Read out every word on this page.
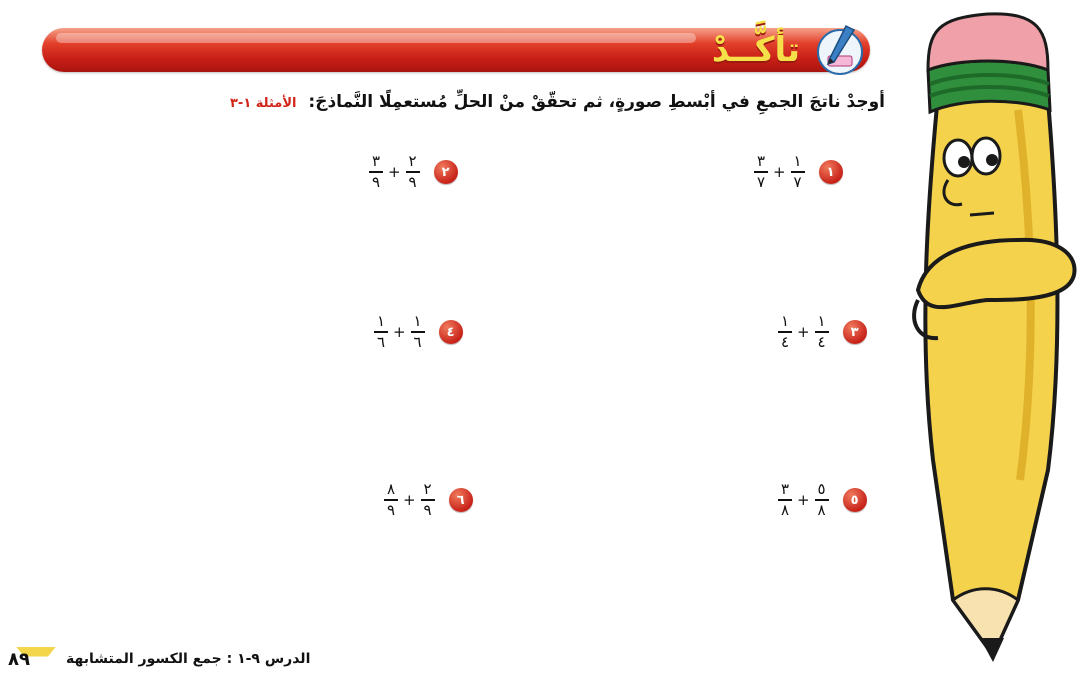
تأكَّــدْ
أوجدْ ناتجَ الجمعِ في أبْسطِ صورةٍ، ثم تحقّقْ منْ الحلِّ مُستعمِلًا النَّماذجَ: الأمثلة ١-٣
$\frac{٣}{٧} + \frac{١}{٧}$	١
$\frac{٣}{٩} + \frac{٢}{٩}$	٢
$\frac{١}{٤} + \frac{١}{٤}$	٣
$\frac{١}{٦} + \frac{١}{٦}$	٤
$\frac{٣}{٨} + \frac{٥}{٨}$	٥
$\frac{٨}{٩} + \frac{٢}{٩}$	٦
٨٩	الدرس ٩-١ : جمع الكسور المتشابهة
